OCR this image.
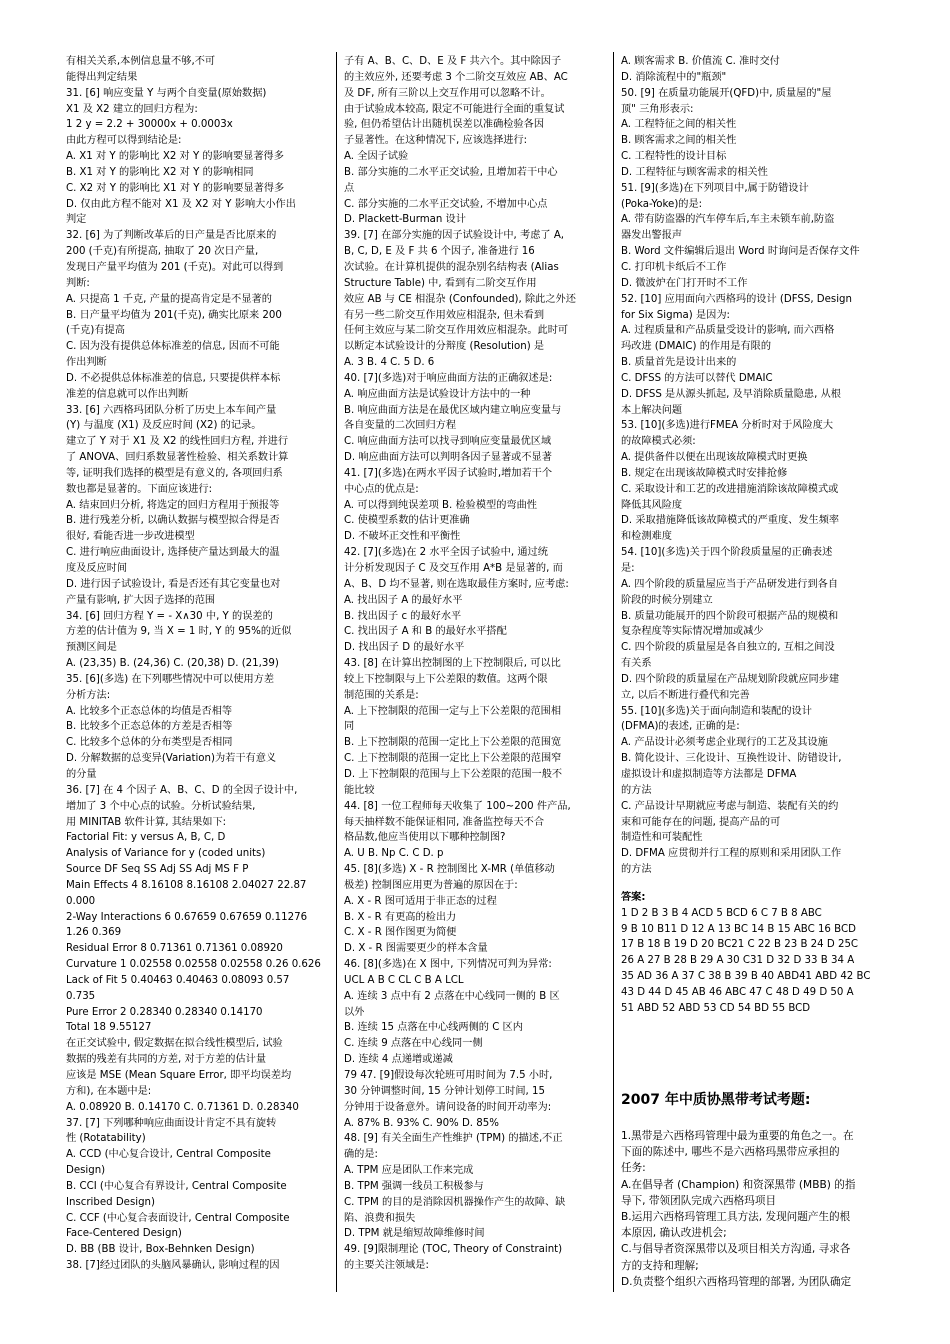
有相关关系,本例信息量不够,不可
能得出判定结果
31. [6] 响应变量 Y 与两个自变量(原始数据)
X1 及 X2 建立的回归方程为:
1 2 y = 2.2 + 30000x + 0.0003x
由此方程可以得到结论是:
A. X1 对 Y 的影响比 X2 对 Y 的影响要显著得多
B. X1 对 Y 的影响比 X2 对 Y 的影响相同
C. X2 对 Y 的影响比 X1 对 Y 的影响要显著得多
D. 仅由此方程不能对 X1 及 X2 对 Y 影响大小作出
判定
32. [6] 为了判断改革后的日产量是否比原来的
200 (千克)有所提高, 抽取了 20 次日产量,
发现日产量平均值为 201 (千克)。对此可以得到
判断:
A. 只提高 1 千克, 产量的提高肯定是不显著的
B. 日产量平均值为 201(千克), 确实比原来 200
(千克)有提高
C. 因为没有提供总体标准差的信息, 因而不可能
作出判断
D. 不必提供总体标准差的信息, 只要提供样本标
准差的信息就可以作出判断
33. [6] 六西格玛团队分析了历史上本车间产量
(Y) 与温度 (X1) 及反应时间 (X2) 的记录。
建立了 Y 对于 X1 及 X2 的线性回归方程, 并进行
了 ANOVA、回归系数显著性检验、相关系数计算
等, 证明我们选择的模型是有意义的, 各项回归系
数也都是显著的。下面应该进行:
A. 结束回归分析, 将选定的回归方程用于预报等
B. 进行残差分析, 以确认数据与模型拟合得是否
很好, 看能否进一步改进模型
C. 进行响应曲面设计, 选择使产量达到最大的温
度及反应时间
D. 进行因子试验设计, 看是否还有其它变量也对
产量有影响, 扩大因子选择的范围
34. [6] 回归方程 Y = - X∧30 中, Y 的误差的
方差的估计值为 9, 当 X = 1 时, Y 的 95%的近似
预测区间是
A. (23,35) B. (24,36) C. (20,38) D. (21,39)
35. [6](多选) 在下列哪些情况中可以使用方差
分析方法:
A. 比较多个正态总体的均值是否相等
B. 比较多个正态总体的方差是否相等
C. 比较多个总体的分布类型是否相同
D. 分解数据的总变异(Variation)为若干有意义
的分量
36. [7] 在 4 个因子 A、B、C、D 的全因子设计中,
增加了 3 个中心点的试验。分析试验结果,
用 MINITAB 软件计算, 其结果如下:
Factorial Fit: y versus A, B, C, D
Analysis of Variance for y (coded units)
Source DF Seq SS Adj SS Adj MS F P
Main Effects 4 8.16108 8.16108 2.04027 22.87
0.000
2-Way Interactions 6 0.67659 0.67659 0.11276
1.26 0.369
Residual Error 8 0.71361 0.71361 0.08920
Curvature 1 0.02558 0.02558 0.02558 0.26 0.626
Lack of Fit 5 0.40463 0.40463 0.08093 0.57
0.735
Pure Error 2 0.28340 0.28340 0.14170
Total 18 9.55127
在正交试验中, 假定数据在拟合线性模型后, 试验
数据的残差有共同的方差, 对于方差的估计量
应该是 MSE (Mean Square Error, 即平均误差均
方和), 在本题中是:
A. 0.08920 B. 0.14170 C. 0.71361 D. 0.28340
37. [7] 下列哪种响应曲面设计肯定不具有旋转
性 (Rotatability)
A. CCD (中心复合设计, Central Composite
Design)
B. CCI (中心复合有界设计, Central Composite
Inscribed Design)
C. CCF (中心复合表面设计, Central Composite
Face-Centered Design)
D. BB (BB 设计, Box-Behnken Design)
38. [7]经过团队的头脑风暴确认, 影响过程的因
子有 A、B、C、D、E 及 F 共六个。其中除因子
的主效应外, 还要考虑 3 个二阶交互效应 AB、AC
及 DF, 所有三阶以上交互作用可以忽略不计。
由于试验成本较高, 限定不可能进行全面的重复试
验, 但仍希望估计出随机误差以准确检验各因
子显著性。在这种情况下, 应该选择进行:
A. 全因子试验
B. 部分实施的二水平正交试验, 且增加若干中心
点
C. 部分实施的二水平正交试验, 不增加中心点
D. Plackett-Burman 设计
39. [7] 在部分实施的因子试验设计中, 考虑了 A,
B, C, D, E 及 F 共 6 个因子, 准备进行 16
次试验。在计算机提供的混杂别名结构表 (Alias
Structure Table) 中, 看到有二阶交互作用
效应 AB 与 CE 相混杂 (Confounded), 除此之外还
有另一些二阶交互作用效应相混杂, 但未看到
任何主效应与某二阶交互作用效应相混杂。此时可
以断定本试验设计的分辩度 (Resolution) 是
A. 3 B. 4 C. 5 D. 6
40. [7](多选)对于响应曲面方法的正确叙述是:
A. 响应曲面方法是试验设计方法中的一种
B. 响应曲面方法是在最优区域内建立响应变量与
各自变量的二次回归方程
C. 响应曲面方法可以找寻到响应变量最优区域
D. 响应曲面方法可以判明各因子显著或不显著
41. [7](多选)在两水平因子试验时,增加若干个
中心点的优点是:
A. 可以得到纯误差项 B. 检验模型的弯曲性
C. 使模型系数的估计更准确
D. 不破坏正交性和平衡性
42. [7](多选)在 2 水平全因子试验中, 通过统
计分析发现因子 C 及交互作用 A*B 是显著的, 而
A、B、D 均不显著, 则在选取最佳方案时, 应考虑:
A. 找出因子 A 的最好水平
B. 找出因子 c 的最好水平
C. 找出因子 A 和 B 的最好水平搭配
D. 找出因子 D 的最好水平
43. [8] 在计算出控制图的上下控制限后, 可以比
较上下控制限与上下公差限的数值。这两个限
制范围的关系是:
A. 上下控制限的范围一定与上下公差限的范围相
同
B. 上下控制限的范围一定比上下公差限的范围宽
C. 上下控制限的范围一定比上下公差限的范围窄
D. 上下控制限的范围与上下公差限的范围一般不
能比较
44. [8] 一位工程师每天收集了 100~200 件产品,
每天抽样数不能保证相同, 准备监控每天不合
格品数,他应当使用以下哪种控制图?
A. U B. Np C. C D. p
45. [8](多选) X - R 控制图比 X-MR (单值移动
极差) 控制图应用更为普遍的原因在于:
A. X - R 图可适用于非正态的过程
B. X - R 有更高的检出力
C. X - R 图作图更为简便
D. X - R 图需要更少的样本含量
46. [8](多选)在 X 图中, 下列情况可判为异常:
UCL A B C CL C B A LCL
A. 连续 3 点中有 2 点落在中心线同一侧的 B 区
以外
B. 连续 15 点落在中心线两侧的 C 区内
C. 连续 9 点落在中心线同一侧
D. 连续 4 点递增或递减
79 47. [9]假设每次轮班可用时间为 7.5 小时,
30 分钟调整时间, 15 分钟计划停工时间, 15
分钟用于设备意外。请问设备的时间开动率为:
A. 87% B. 93% C. 90% D. 85%
48. [9] 有关全面生产性维护 (TPM) 的描述,不正
确的是:
A. TPM 应是团队工作来完成
B. TPM 强调一线员工积极参与
C. TPM 的目的是消除因机器操作产生的故障、缺
陷、浪费和损失
D. TPM 就是缩短故障维修时间
49. [9]限制理论 (TOC, Theory of Constraint)
的主要关注领域是:
A. 顾客需求 B. 价值流 C. 准时交付
D. 消除流程中的"瓶颈"
50. [9] 在质量功能展开(QFD)中, 质量屋的"屋
顶" 三角形表示:
A. 工程特征之间的相关性
B. 顾客需求之间的相关性
C. 工程特性的设计目标
D. 工程特征与顾客需求的相关性
51. [9](多选)在下列项目中,属于防错设计
(Poka-Yoke)的是:
A. 带有防盗器的汽车停车后,车主未锁车前,防盗
器发出警报声
B. Word 文件编辑后退出 Word 时询问是否保存文件
C. 打印机卡纸后不工作
D. 微波炉在门打开时不工作
52. [10] 应用面向六西格玛的设计 (DFSS, Design
for Six Sigma) 是因为:
A. 过程质量和产品质量受设计的影响, 而六西格
玛改进 (DMAIC) 的作用是有限的
B. 质量首先是设计出来的
C. DFSS 的方法可以替代 DMAIC
D. DFSS 是从源头抓起, 及早消除质量隐患, 从根
本上解决问题
53. [10](多选)进行FMEA 分析时对于风险度大
的故障模式必须:
A. 提供备件以便在出现该故障模式时更换
B. 规定在出现该故障模式时安排抢修
C. 采取设计和工艺的改进措施消除该故障模式或
降低其风险度
D. 采取措施降低该故障模式的严重度、发生频率
和检测难度
54. [10](多选)关于四个阶段质量屋的正确表述
是:
A. 四个阶段的质量屋应当于产品研发进行到各自
阶段的时候分别建立
B. 质量功能展开的四个阶段可根据产品的规模和
复杂程度等实际情况增加或减少
C. 四个阶段的质量屋是各自独立的, 互相之间没
有关系
D. 四个阶段的质量屋在产品规划阶段就应同步建
立, 以后不断进行叠代和完善
55. [10](多选)关于面向制造和装配的设计
(DFMA)的表述, 正确的是:
A. 产品设计必须考虑企业现行的工艺及其设施
B. 简化设计、三化设计、互换性设计、防错设计,
虚拟设计和虚拟制造等方法都是 DFMA
的方法
C. 产品设计早期就应考虑与制造、装配有关的约
束和可能存在的问题, 提高产品的可
制造性和可装配性
D. DFMA 应贯彻并行工程的原则和采用团队工作
的方法
答案:
1 D 2 B 3 B 4 ACD 5 BCD 6 C 7 B 8 ABC
9 B 10 B11 D 12 A 13 BC 14 B 15 ABC 16 BCD
17 B 18 B 19 D 20 BC21 C 22 B 23 B 24 D 25C
26 A 27 B 28 B 29 A 30 C31 D 32 D 33 B 34 A
35 AD 36 A 37 C 38 B 39 B 40 ABD41 ABD 42 BC
43 D 44 D 45 AB 46 ABC 47 C 48 D 49 D 50 A
51 ABD 52 ABD 53 CD 54 BD 55 BCD
2007 年中质协黑带考试考题:
1.黑带是六西格玛管理中最为重要的角色之一。在
下面的陈述中, 哪些不是六西格玛黑带应承担的
任务:
A.在倡导者 (Champion) 和资深黑带 (MBB) 的指
导下, 带领团队完成六西格玛项目
B.运用六西格玛管理工具方法, 发现问题产生的根
本原因, 确认改进机会;
C.与倡导者资深黑带以及项目相关方沟通, 寻求各
方的支持和理解;
D.负责整个组织六西格玛管理的部署, 为团队确定
